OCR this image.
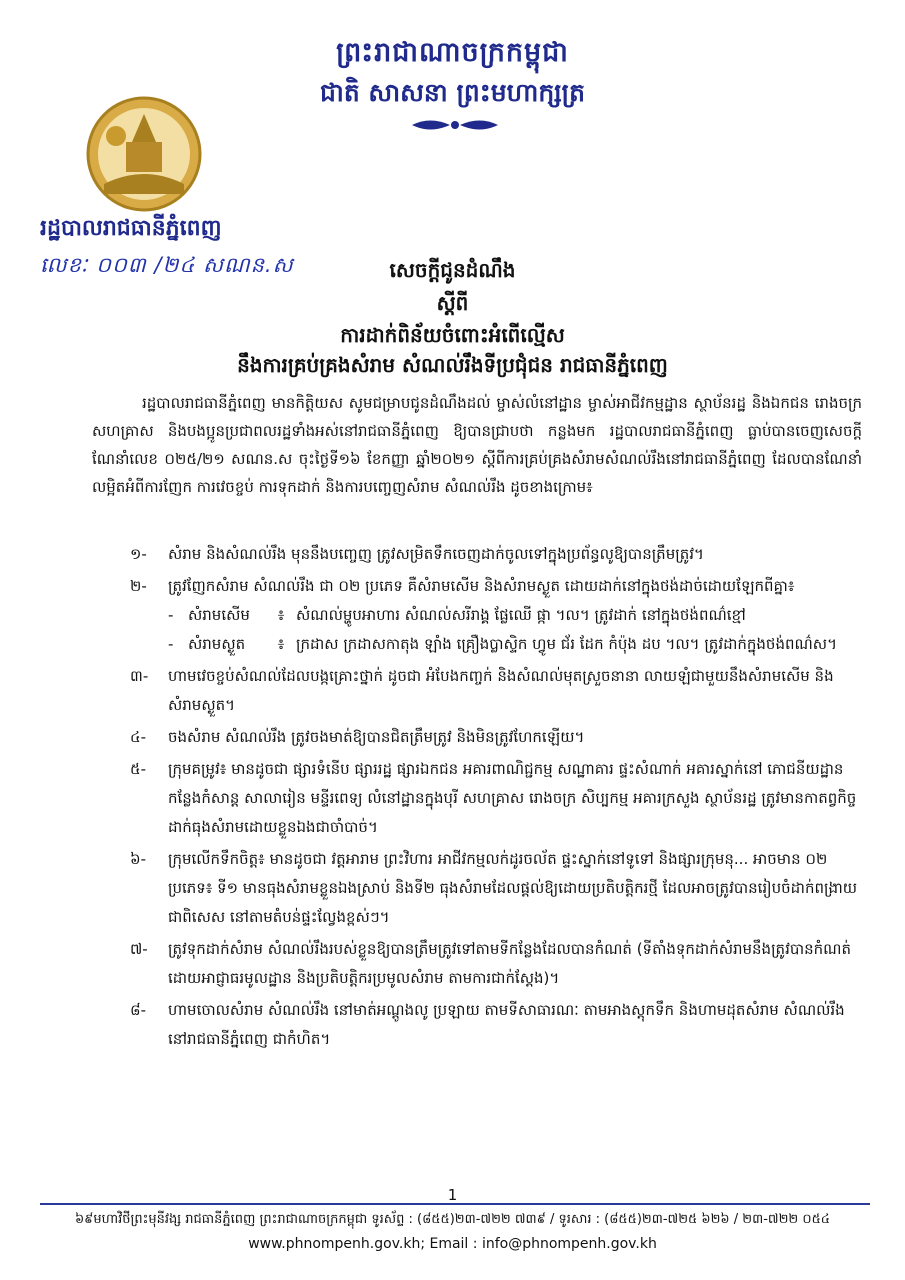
ព្រះរាជាណាចក្រកម្ពុជា
ជាតិ សាសនា ព្រះមហាក្សត្រ
រដ្ឋបាលរាជធានីភ្នំពេញ
លេខៈ ០០៣ /២៤ សណន.ស	សេចក្តីជូនដំណឹង
ស្តីពី
ការដាក់ពិន័យចំពោះអំពើល្មើស
នឹងការគ្រប់គ្រងសំរាម សំណល់រឹងទីប្រជុំជន រាជធានីភ្នំពេញ

រដ្ឋបាលរាជធានីភ្នំពេញ មានកិត្តិយស សូមជម្រាបជូនដំណឹងដល់ ម្ចាស់លំនៅដ្ឋាន ម្ចាស់អាជីវកម្មដ្ឋាន ស្ថាប័នរដ្ឋ និងឯកជន រោងចក្រ សហគ្រាស និងបងប្អូនប្រជាពលរដ្ឋទាំងអស់នៅរាជធានីភ្នំពេញ ឱ្យបានជ្រាបថា កន្លងមក រដ្ឋបាលរាជធានីភ្នំពេញ ធ្លាប់បានចេញសេចក្តីណែនាំលេខ ០២៥/២១ សណន.ស ចុះថ្ងៃទី១៦ ខែកញ្ញា ឆ្នាំ២០២១ ស្តីពីការគ្រប់គ្រងសំរាមសំណល់រឹងនៅរាជធានីភ្នំពេញ ដែលបានណែនាំលម្អិតអំពីការញែក ការវេចខ្ចប់ ការទុកដាក់ និងការបញ្ចេញសំរាម សំណល់រឹង ដូចខាងក្រោម៖

១-	សំរាម និងសំណល់រឹង មុននឹងបញ្ចេញ ត្រូវសម្រិតទឹកចេញដាក់ចូលទៅក្នុងប្រព័ន្ធលូឱ្យបានត្រឹមត្រូវ។
២-	ត្រូវញែកសំរាម សំណល់រឹង ជា ០២ ប្រភេទ គឺសំរាមសើម និងសំរាមស្ងួត ដោយដាក់នៅក្នុងថង់ដាច់ដោយឡែកពីគ្នា៖
- សំរាមសើម	៖ សំណល់ម្ហូបអាហារ សំណល់សរីរាង្គ ផ្លែឈើ ផ្កា ។ល។ ត្រូវដាក់ នៅក្នុងថង់ពណ៌ខ្មៅ
- សំរាមស្ងួត	៖ ក្រដាស ក្រដាសកាតុង ឡាំង គ្រឿងប្លាស្ទិក ហ្វូម ជ័រ ដែក កំប៉ុង ដប ។ល។ ត្រូវដាក់ក្នុងថង់ពណ៌ស។
៣-	ហាមវេចខ្ចប់សំណល់ដែលបង្កគ្រោះថ្នាក់ ដូចជា អំបែងកញ្ចក់ និងសំណល់មុតស្រួចនានា លាយឡំជាមួយនឹងសំរាមសើម និងសំរាមស្ងួត។
៤-	ចងសំរាម សំណល់រឹង ត្រូវចងមាត់ឱ្យបានជិតត្រឹមត្រូវ និងមិនត្រូវហែកឡើយ។
៥-	ក្រុមគម្រូវ៖ មានដូចជា ផ្សារទំនើប ផ្សាររដ្ឋ ផ្សារឯកជន អគារពាណិជ្ជកម្ម សណ្ឋាគារ ផ្ទះសំណាក់ អគារស្នាក់នៅ ភោជនីយដ្ឋាន កន្លែងកំសាន្ត សាលារៀន មន្ទីរពេទ្យ លំនៅដ្ឋានក្នុងបុរី សហគ្រាស រោងចក្រ សិប្បកម្ម អគារក្រសួង ស្ថាប័នរដ្ឋ ត្រូវមានកាតព្វកិច្ចដាក់ធុងសំរាមដោយខ្លួនឯងជាចាំបាច់។
៦-	ក្រុមលើកទឹកចិត្ត៖ មានដូចជា វត្តអារាម ព្រះវិហារ អាជីវកម្មលក់ដូរចល័ត ផ្ទះស្នាក់នៅទូទៅ និងផ្សារក្រុមនុ... អាចមាន ០២ ប្រភេទ៖ ទី១ មានធុងសំរាមខ្លួនឯងស្រាប់ និងទី២ ធុងសំរាមដែលផ្តល់ឱ្យដោយប្រតិបត្តិករថ្មី ដែលអាចត្រូវបានរៀបចំដាក់ពង្រាយជាពិសេស នៅតាមតំបន់ផ្ទះល្វែងខ្ពស់ៗ។
៧-	ត្រូវទុកដាក់សំរាម សំណល់រឹងរបស់ខ្លួនឱ្យបានត្រឹមត្រូវទៅតាមទីកន្លែងដែលបានកំណត់ (ទីតាំងទុកដាក់សំរាមនឹងត្រូវបានកំណត់ដោយអាជ្ញាធរមូលដ្ឋាន និងប្រតិបត្តិករប្រមូលសំរាម តាមការជាក់ស្តែង)។
៨-	ហាមចោលសំរាម សំណល់រឹង នៅមាត់អណ្តូងលូ ប្រឡាយ តាមទីសាធារណៈ តាមអាងស្តុកទឹក និងហាមដុតសំរាម សំណល់រឹង នៅរាជធានីភ្នំពេញ ជាកំហិត។
1
៦៩មហាវិថីព្រះមុនីវង្ស រាជធានីភ្នំពេញ ព្រះរាជាណាចក្រកម្ពុជា ទូរស័ព្ទ : (៨៥៥)២៣-៧២២ ៧៣៩ / ទូរសារ : (៨៥៥)២៣-៧២៥ ៦២៦ / ២៣-៧២២ ០៥៤
www.phnompenh.gov.kh; Email : info@phnompenh.gov.kh
